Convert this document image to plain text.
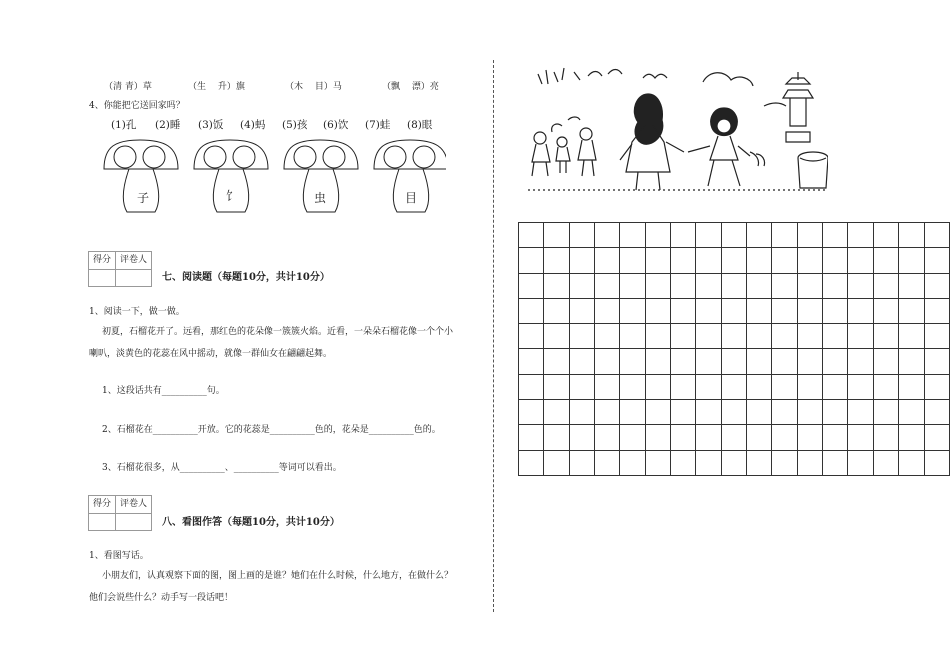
（清 青）草	（生　 升）旗	（木　 目）马	（飘　 漂）亮
4、你能把它送回家吗？
(1)孔 (2)睡 (3)饭 (4)蚂 (5)孩 (6)饮 (7)蛙 (8)眼
子	饣	虫	目
得分 评卷人
七、阅读题（每题10分，共计10分）
1、阅读一下，做一做。
初夏，石榴花开了。远看，那红色的花朵像一簇簇火焰。近看，一朵朵石榴花像一个个小
喇叭，淡黄色的花蕊在风中摇动，就像一群仙女在翩翩起舞。
1、这段话共有__________句。
2、石榴花在__________开放。它的花蕊是__________色的，花朵是__________色的。
3、石榴花很多，从__________、__________等词可以看出。
得分 评卷人
八、看图作答（每题10分，共计10分）
1、看图写话。
小朋友们，认真观察下面的图，图上画的是谁？她们在什么时候，什么地方，在做什么？
他们会说些什么？动手写一段话吧！
